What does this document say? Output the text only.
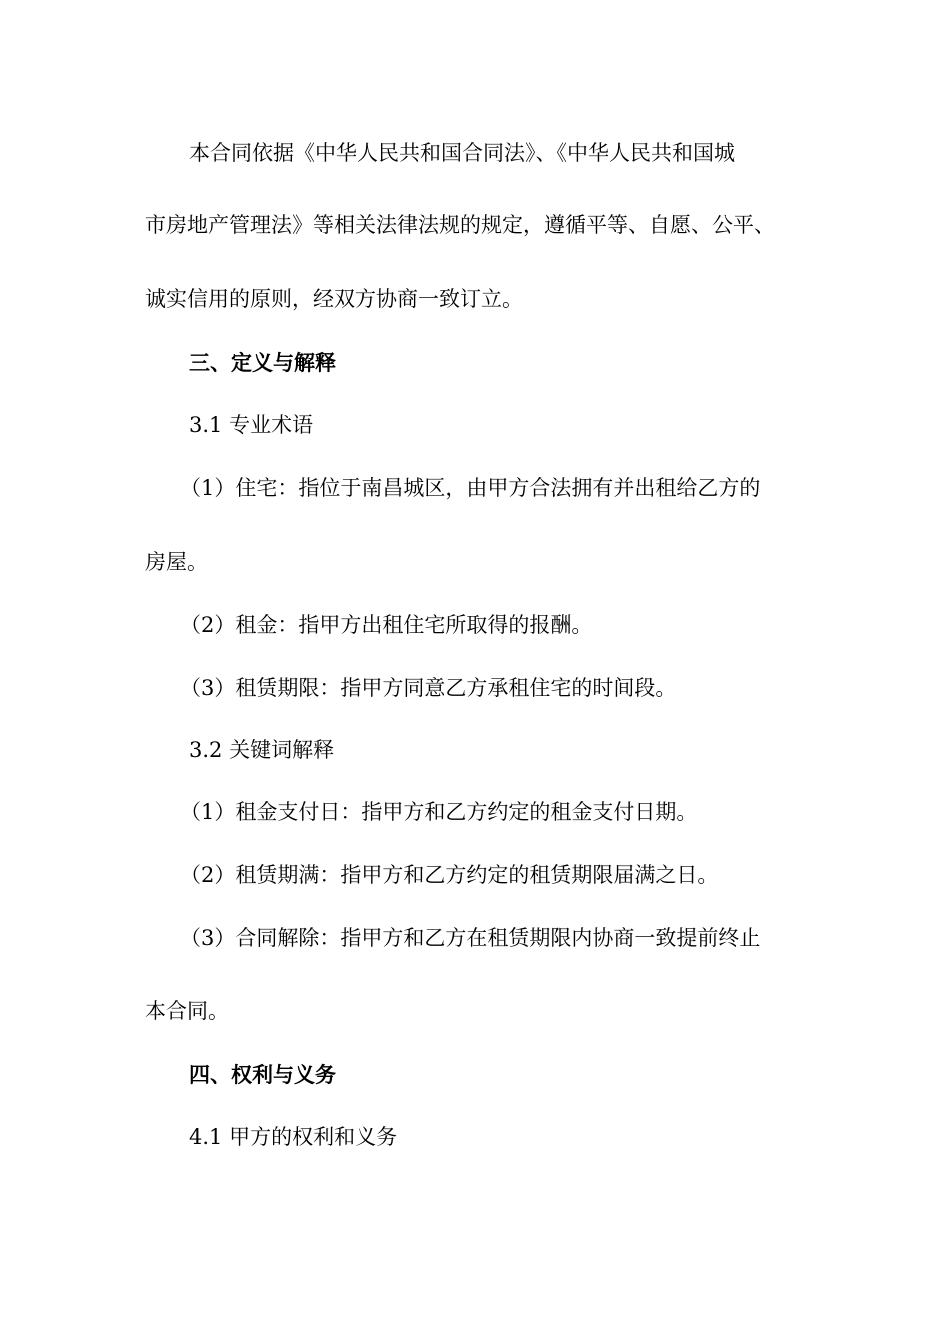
本合同依据《中华人民共和国合同法》、《中华人民共和国城
市房地产管理法》等相关法律法规的规定，遵循平等、自愿、公平、
诚实信用的原则，经双方协商一致订立。
三、定义与解释
3.1 专业术语
（1）住宅：指位于南昌城区，由甲方合法拥有并出租给乙方的
房屋。
（2）租金：指甲方出租住宅所取得的报酬。
（3）租赁期限：指甲方同意乙方承租住宅的时间段。
3.2 关键词解释
（1）租金支付日：指甲方和乙方约定的租金支付日期。
（2）租赁期满：指甲方和乙方约定的租赁期限届满之日。
（3）合同解除：指甲方和乙方在租赁期限内协商一致提前终止
本合同。
四、权利与义务
4.1 甲方的权利和义务
